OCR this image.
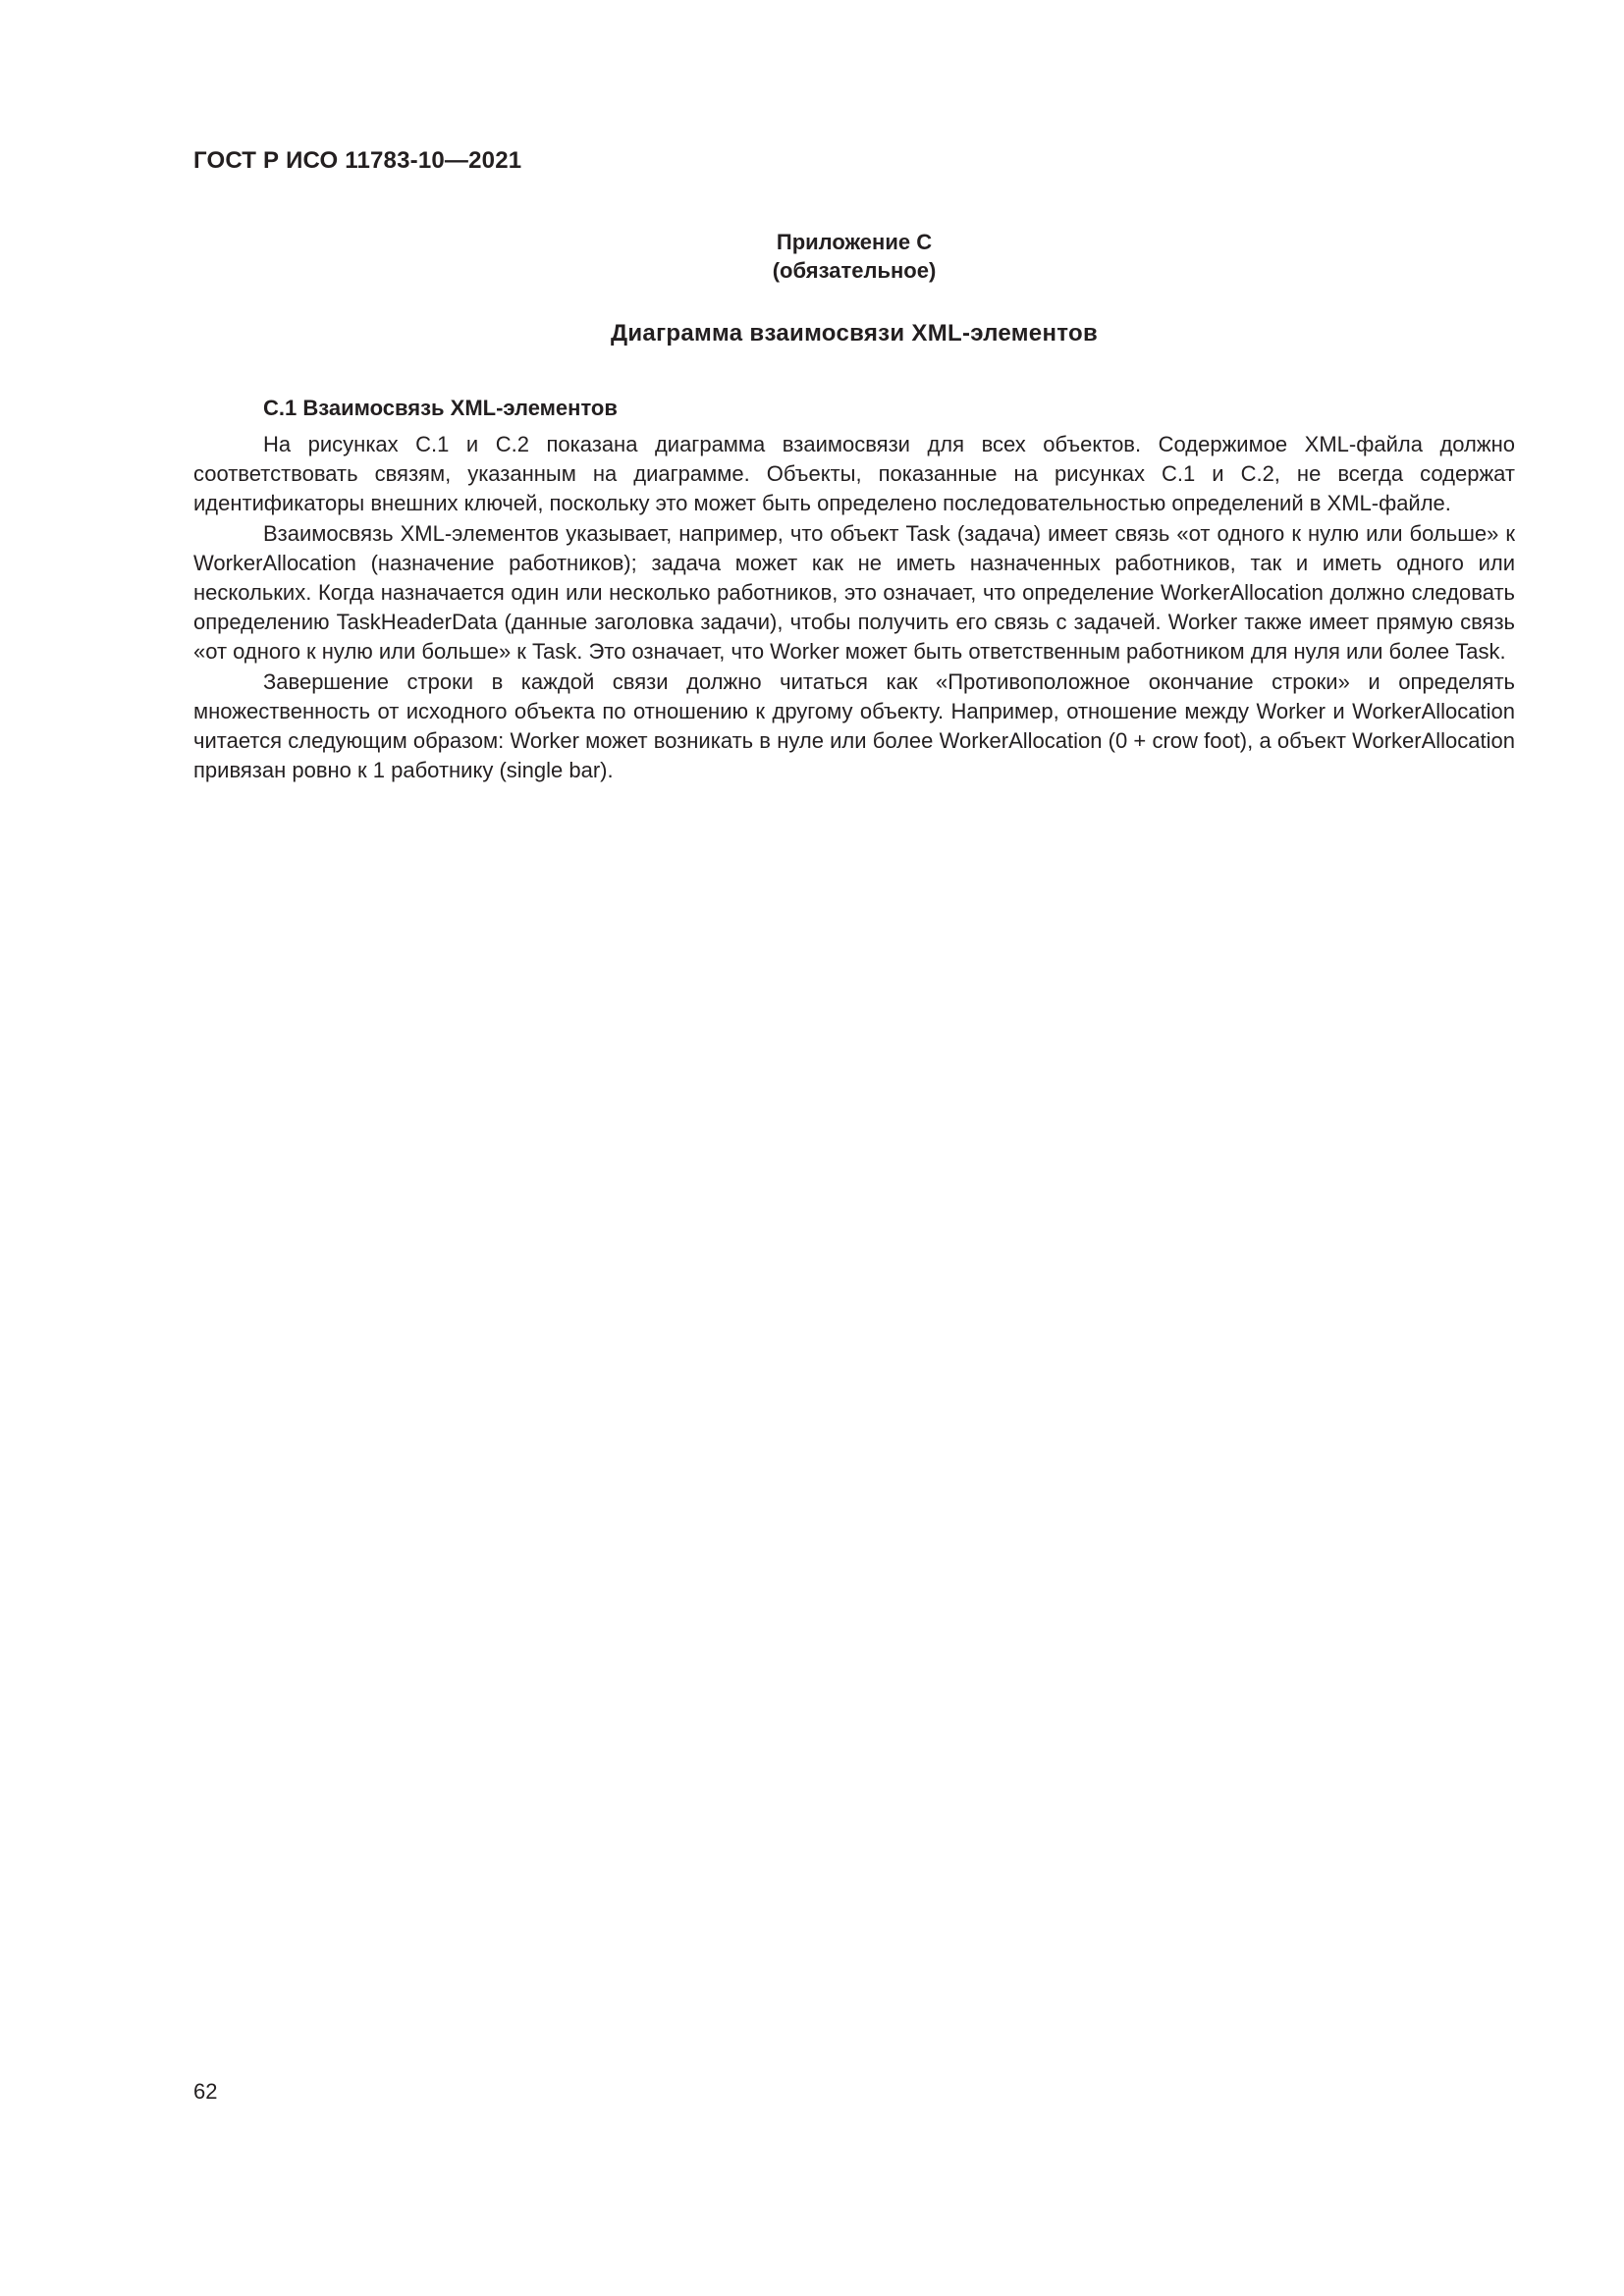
ГОСТ Р ИСО 11783-10—2021
Приложение C
(обязательное)
Диаграмма взаимосвязи XML-элементов
С.1 Взаимосвязь XML-элементов

На рисунках С.1 и С.2 показана диаграмма взаимосвязи для всех объектов. Содержимое XML-файла должно соответствовать связям, указанным на диаграмме. Объекты, показанные на рисунках С.1 и С.2, не всегда содержат идентификаторы внешних ключей, поскольку это может быть определено последовательностью определений в XML-файле.

Взаимосвязь XML-элементов указывает, например, что объект Task (задача) имеет связь «от одного к нулю или больше» к WorkerAllocation (назначение работников); задача может как не иметь назначенных работников, так и иметь одного или нескольких. Когда назначается один или несколько работников, это означает, что определение WorkerAllocation должно следовать определению TaskHeaderData (данные заголовка задачи), чтобы получить его связь с задачей. Worker также имеет прямую связь «от одного к нулю или больше» к Task. Это означает, что Worker может быть ответственным работником для нуля или более Task.

Завершение строки в каждой связи должно читаться как «Противоположное окончание строки» и определять множественность от исходного объекта по отношению к другому объекту. Например, отношение между Worker и WorkerAllocation читается следующим образом: Worker может возникать в нуле или более WorkerAllocation (0 + crow foot), а объект WorkerAllocation привязан ровно к 1 работнику (single bar).

62
